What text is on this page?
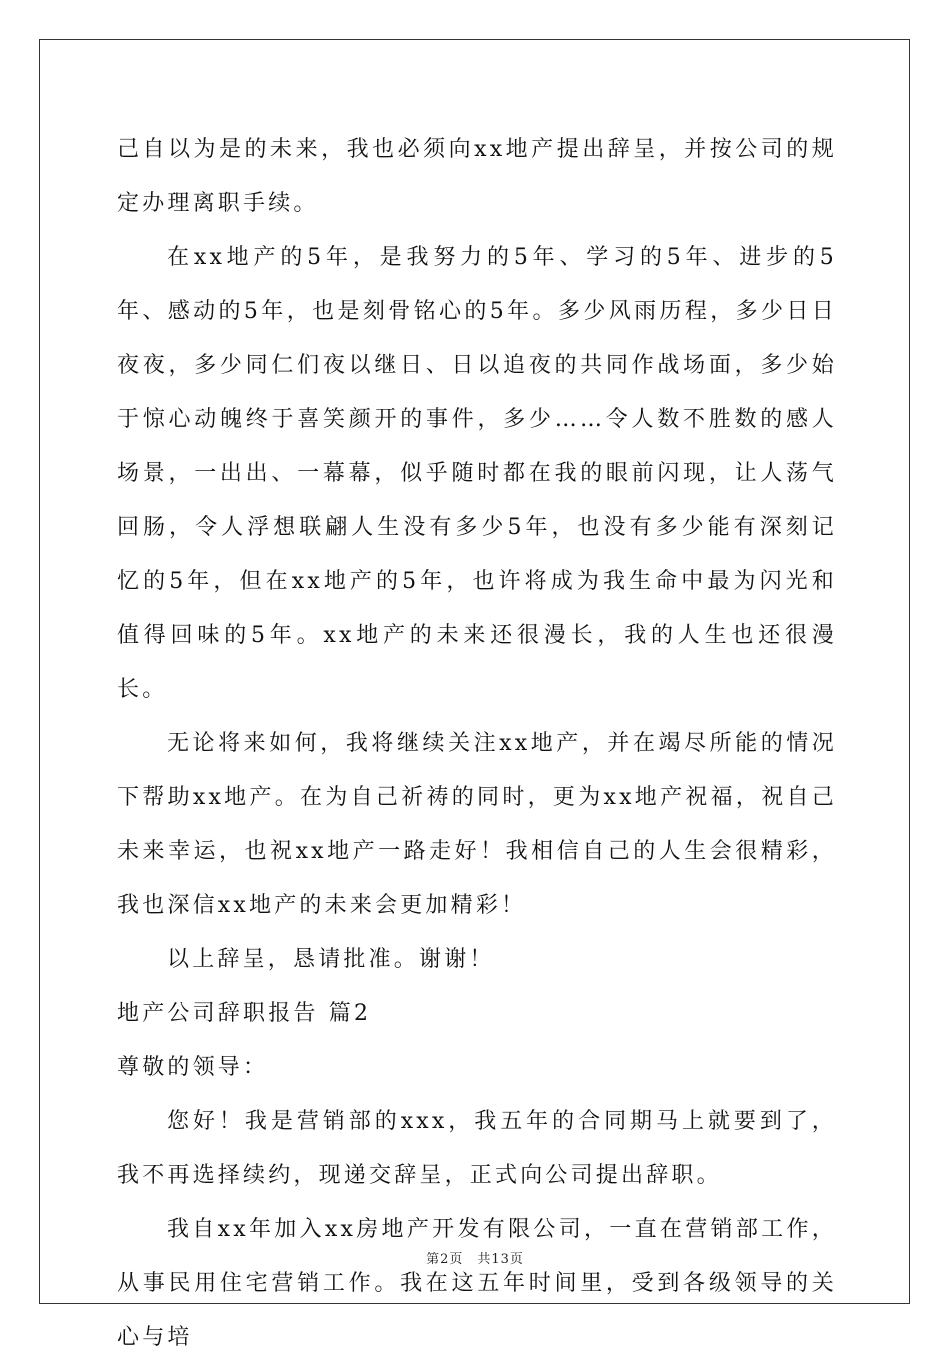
己自以为是的未来，我也必须向xx地产提出辞呈，并按公司的规定办理离职手续。

在xx地产的5年，是我努力的5年、学习的5年、进步的5年、感动的5年，也是刻骨铭心的5年。多少风雨历程，多少日日夜夜，多少同仁们夜以继日、日以追夜的共同作战场面，多少始于惊心动魄终于喜笑颜开的事件，多少……令人数不胜数的感人场景，一出出、一幕幕，似乎随时都在我的眼前闪现，让人荡气回肠，令人浮想联翩人生没有多少5年，也没有多少能有深刻记忆的5年，但在xx地产的5年，也许将成为我生命中最为闪光和值得回味的5年。xx地产的未来还很漫长，我的人生也还很漫长。

无论将来如何，我将继续关注xx地产，并在竭尽所能的情况下帮助xx地产。在为自己祈祷的同时，更为xx地产祝福，祝自己未来幸运，也祝xx地产一路走好！我相信自己的人生会很精彩，我也深信xx地产的未来会更加精彩！

以上辞呈，恳请批准。谢谢！

地产公司辞职报告 篇2

尊敬的领导：

您好！我是营销部的xxx，我五年的合同期马上就要到了，我不再选择续约，现递交辞呈，正式向公司提出辞职。

我自xx年加入xx房地产开发有限公司，一直在营销部工作，从事民用住宅营销工作。我在这五年时间里，受到各级领导的关心与培

第2页 共13页
